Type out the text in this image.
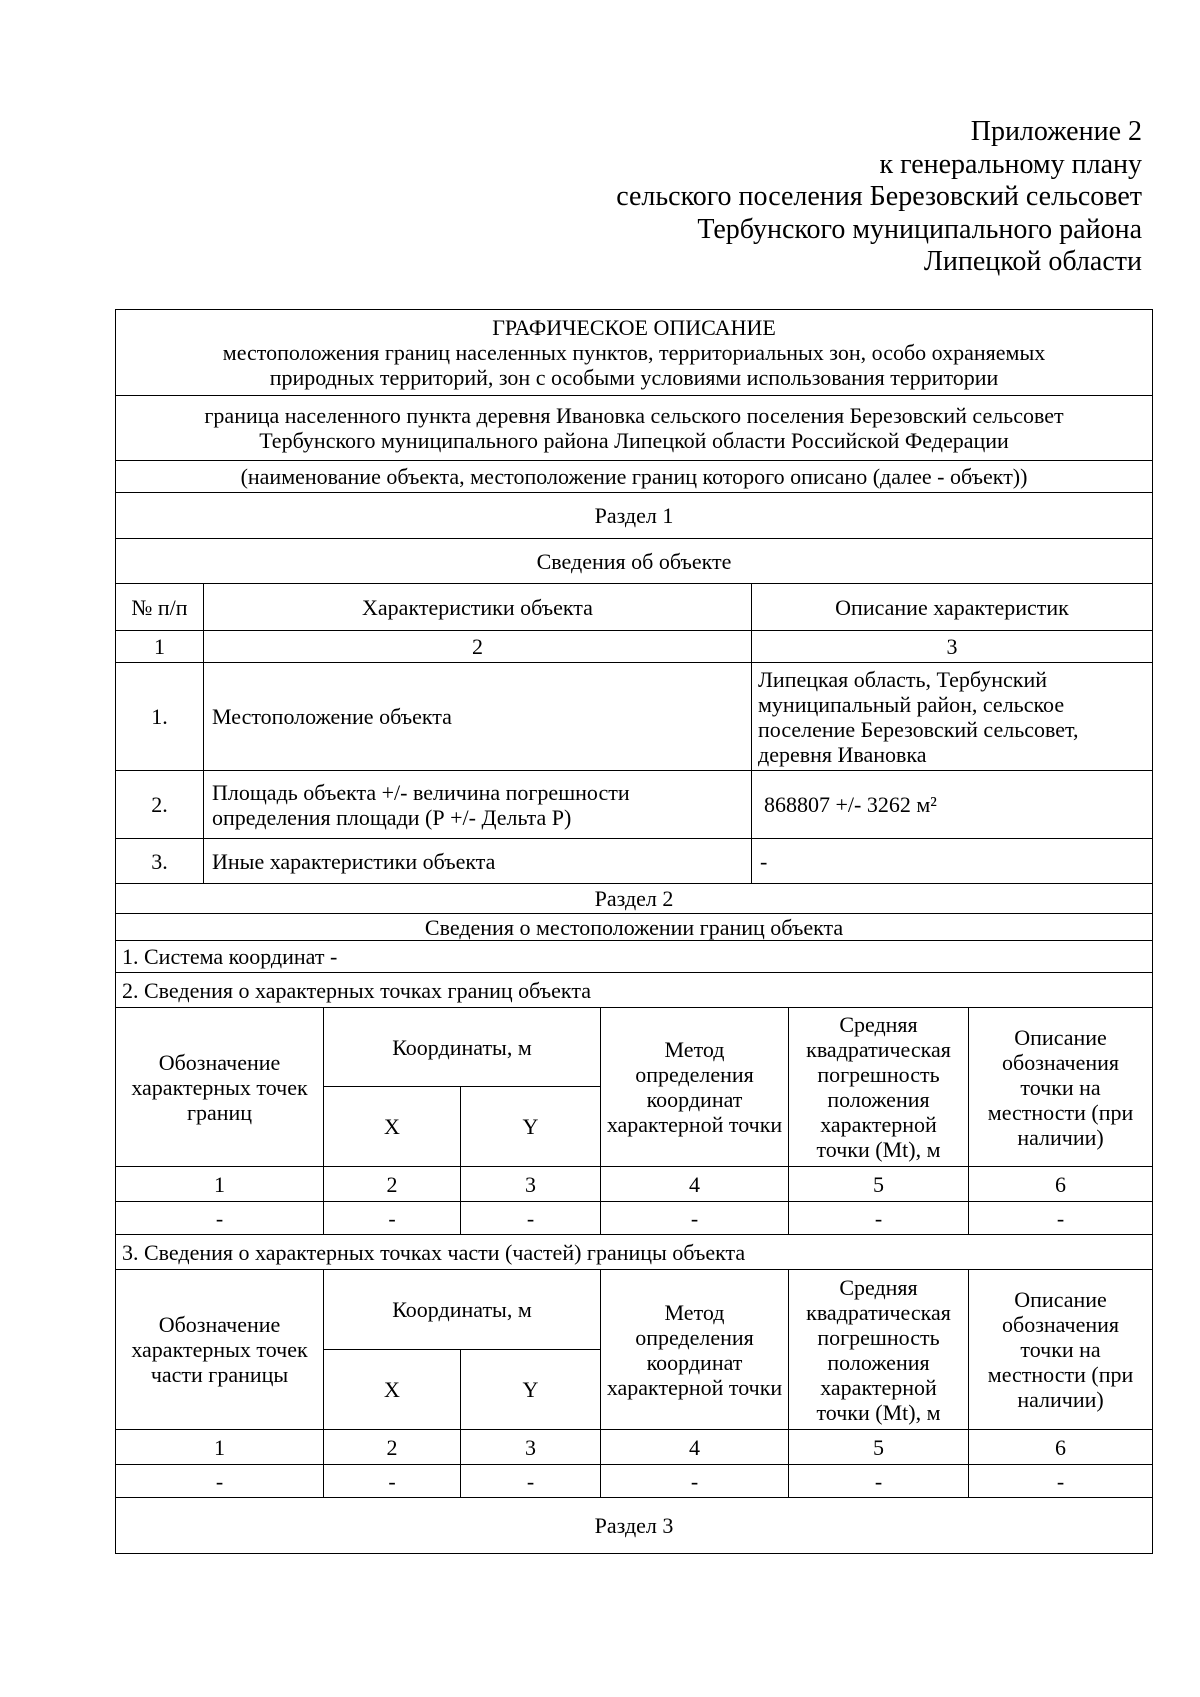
Приложение 2
к генеральному плану
сельского поселения Березовский сельсовет
Тербунского муниципального района
Липецкой области
ГРАФИЧЕСКОЕ ОПИСАНИЕ
местоположения границ населенных пунктов, территориальных зон, особо охраняемых
природных территорий, зон с особыми условиями использования территории		

граница населенного пункта деревня Ивановка сельского поселения Березовский сельсовет
Тербунского муниципального района Липецкой области Российской Федерации		

(наименование объекта, местоположение границ которого описано (далее - объект))		
Раздел 1		
Сведения об объекте		
№ п/п	Характеристики объекта	Описание характеристик
1	2	3
1.	Местоположение объекта	Липецкая область, Тербунский муниципальный район, сельское поселение Березовский сельсовет, деревня Ивановка
2.	Площадь объекта +/- величина погрешности определения площади (Р +/- Дельта Р)	868807 +/- 3262 м²
3.	Иные характеристики объекта	-
Раздел 2					
Сведения о местоположении границ объекта					
1. Система координат -					
2. Сведения о характерных точках границ объекта					
Обозначение характерных точек границ	Координаты, м		Метод определения координат характерной точки	Средняя квадратическая погрешность положения характерной точки (Mt), м	Описание обозначения точки на местности (при наличии)
	X	Y			
1	2	3	4	5	6
-	-	-	-	-	-
3. Сведения о характерных точках части (частей) границы объекта					
Обозначение характерных точек части границы	Координаты, м		Метод определения координат характерной точки	Средняя квадратическая погрешность положения характерной точки (Mt), м	Описание обозначения точки на местности (при наличии)
	X	Y			
1	2	3	4	5	6
-	-	-	-	-	-
Раздел 3					
